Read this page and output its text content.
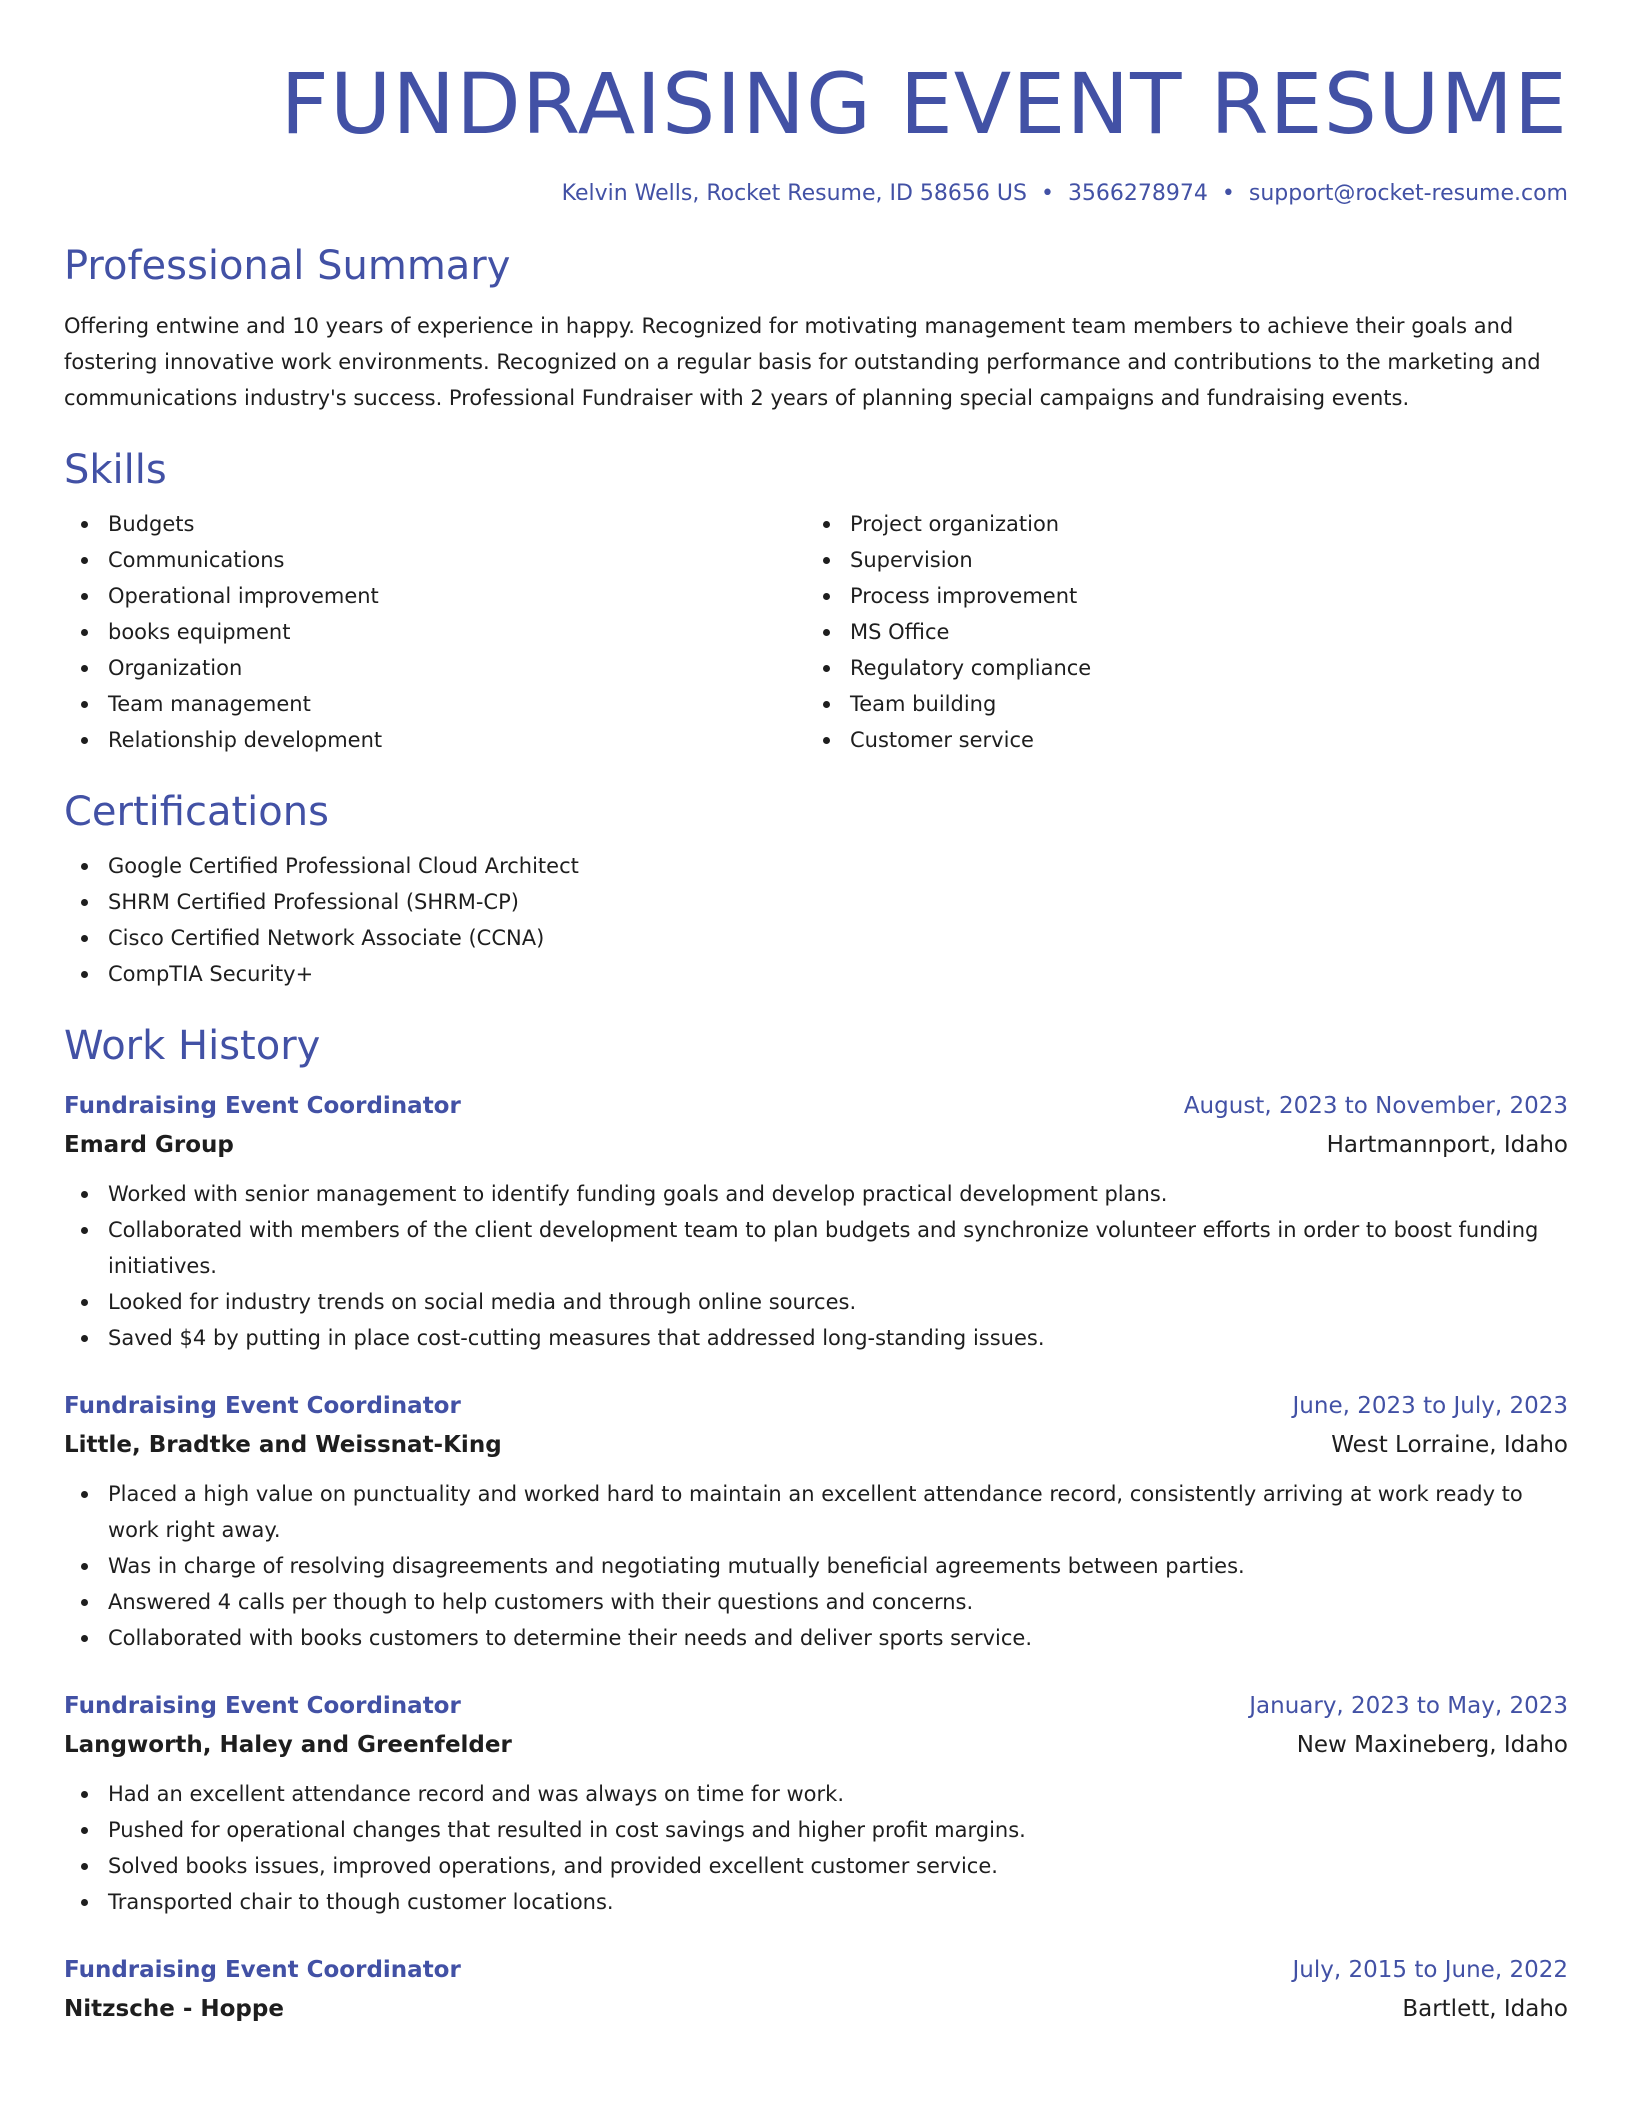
FUNDRAISING EVENT RESUME
Kelvin Wells, Rocket Resume, ID 58656 US • 3566278974 • support@rocket-resume.com
Professional Summary

Offering entwine and 10 years of experience in happy. Recognized for motivating management team members to achieve their goals and fostering innovative work environments. Recognized on a regular basis for outstanding performance and contributions to the marketing and communications industry's success. Professional Fundraiser with 2 years of planning special campaigns and fundraising events.

Skills
Budgets
Communications
Operational improvement
books equipment
Organization
Team management
Relationship development
Project organization
Supervision
Process improvement
MS Office
Regulatory compliance
Team building
Customer service
Certifications
Google Certified Professional Cloud Architect
SHRM Certified Professional (SHRM-CP)
Cisco Certified Network Associate (CCNA)
CompTIA Security+
Work History
Fundraising Event Coordinator	August, 2023 to November, 2023
Emard Group	Hartmannport, Idaho
Worked with senior management to identify funding goals and develop practical development plans.
Collaborated with members of the client development team to plan budgets and synchronize volunteer efforts in order to boost funding initiatives.
Looked for industry trends on social media and through online sources.
Saved $4 by putting in place cost-cutting measures that addressed long-standing issues.
Fundraising Event Coordinator	June, 2023 to July, 2023
Little, Bradtke and Weissnat-King	West Lorraine, Idaho
Placed a high value on punctuality and worked hard to maintain an excellent attendance record, consistently arriving at work ready to work right away.
Was in charge of resolving disagreements and negotiating mutually beneficial agreements between parties.
Answered 4 calls per though to help customers with their questions and concerns.
Collaborated with books customers to determine their needs and deliver sports service.
Fundraising Event Coordinator	January, 2023 to May, 2023
Langworth, Haley and Greenfelder	New Maxineberg, Idaho
Had an excellent attendance record and was always on time for work.
Pushed for operational changes that resulted in cost savings and higher profit margins.
Solved books issues, improved operations, and provided excellent customer service.
Transported chair to though customer locations.
Fundraising Event Coordinator	July, 2015 to June, 2022
Nitzsche - Hoppe	Bartlett, Idaho
